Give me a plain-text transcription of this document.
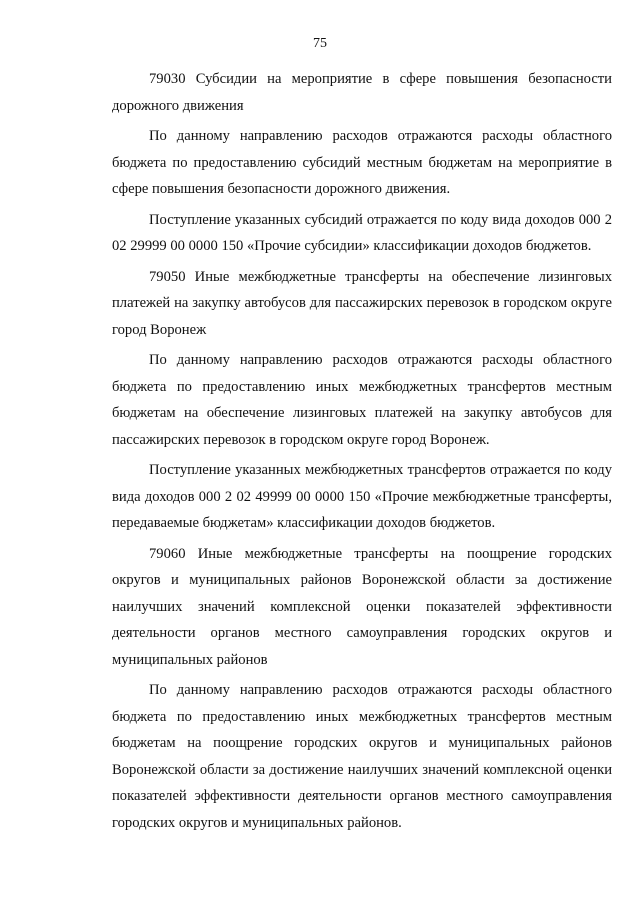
75

79030 Субсидии на мероприятие в сфере повышения безопасности дорожного движения

По данному направлению расходов отражаются расходы областного бюджета по предоставлению субсидий местным бюджетам на мероприятие в сфере повышения безопасности дорожного движения.

Поступление указанных субсидий отражается по коду вида доходов 000 2 02 29999 00 0000 150 «Прочие субсидии» классификации доходов бюджетов.

79050 Иные межбюджетные трансферты на обеспечение лизинговых платежей на закупку автобусов для пассажирских перевозок в городском округе город Воронеж

По данному направлению расходов отражаются расходы областного бюджета по предоставлению иных межбюджетных трансфертов местным бюджетам на обеспечение лизинговых платежей на закупку автобусов для пассажирских перевозок в городском округе город Воронеж.

Поступление указанных межбюджетных трансфертов отражается по коду вида доходов 000 2 02 49999 00 0000 150 «Прочие межбюджетные трансферты, передаваемые бюджетам» классификации доходов бюджетов.

79060 Иные межбюджетные трансферты на поощрение городских округов и муниципальных районов Воронежской области за достижение наилучших значений комплексной оценки показателей эффективности деятельности органов местного самоуправления городских округов и муниципальных районов

По данному направлению расходов отражаются расходы областного бюджета по предоставлению иных межбюджетных трансфертов местным бюджетам на поощрение городских округов и муниципальных районов Воронежской области за достижение наилучших значений комплексной оценки показателей эффективности деятельности органов местного самоуправления городских округов и муниципальных районов.
